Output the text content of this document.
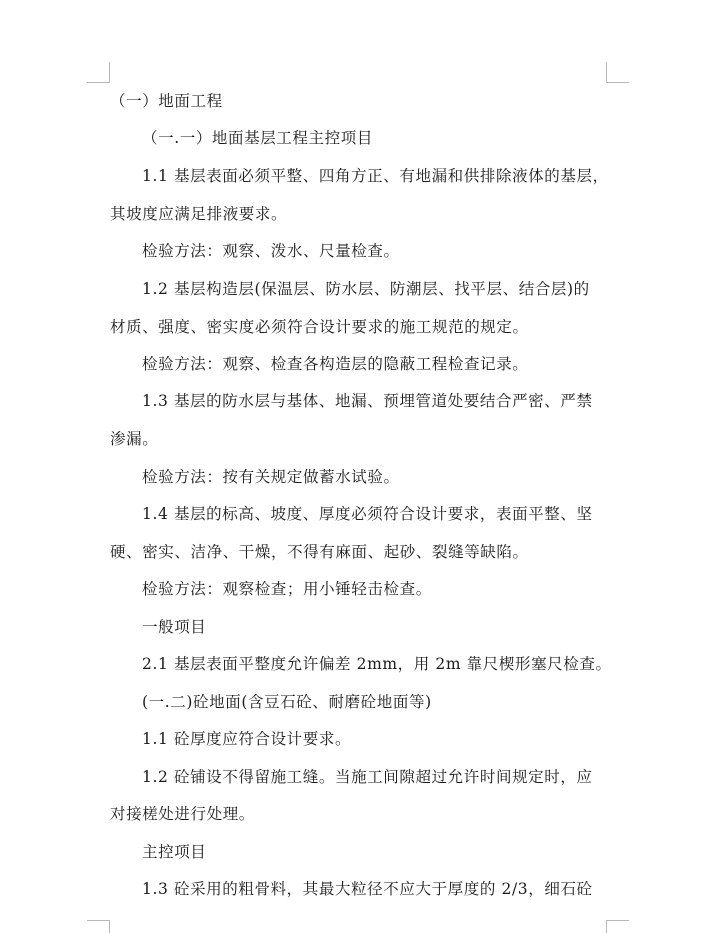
（一）地面工程
（一.一）地面基层工程主控项目
1.1 基层表面必须平整、四角方正、有地漏和供排除液体的基层，
其坡度应满足排液要求。
检验方法：观察、泼水、尺量检查。
1.2 基层构造层(保温层、防水层、防潮层、找平层、结合层)的
材质、强度、密实度必须符合设计要求的施工规范的规定。
检验方法：观察、检查各构造层的隐蔽工程检查记录。
1.3 基层的防水层与基体、地漏、预埋管道处要结合严密、严禁
渗漏。
检验方法：按有关规定做蓄水试验。
1.4 基层的标高、坡度、厚度必须符合设计要求，表面平整、坚
硬、密实、洁净、干燥，不得有麻面、起砂、裂缝等缺陷。
检验方法：观察检查；用小锤轻击检查。
一般项目
2.1 基层表面平整度允许偏差 2mm，用 2m 靠尺楔形塞尺检查。
(一.二)砼地面(含豆石砼、耐磨砼地面等)
1.1 砼厚度应符合设计要求。
1.2 砼铺设不得留施工缝。当施工间隙超过允许时间规定时，应
对接槎处进行处理。
主控项目
1.3 砼采用的粗骨料，其最大粒径不应大于厚度的 2/3，细石砼
